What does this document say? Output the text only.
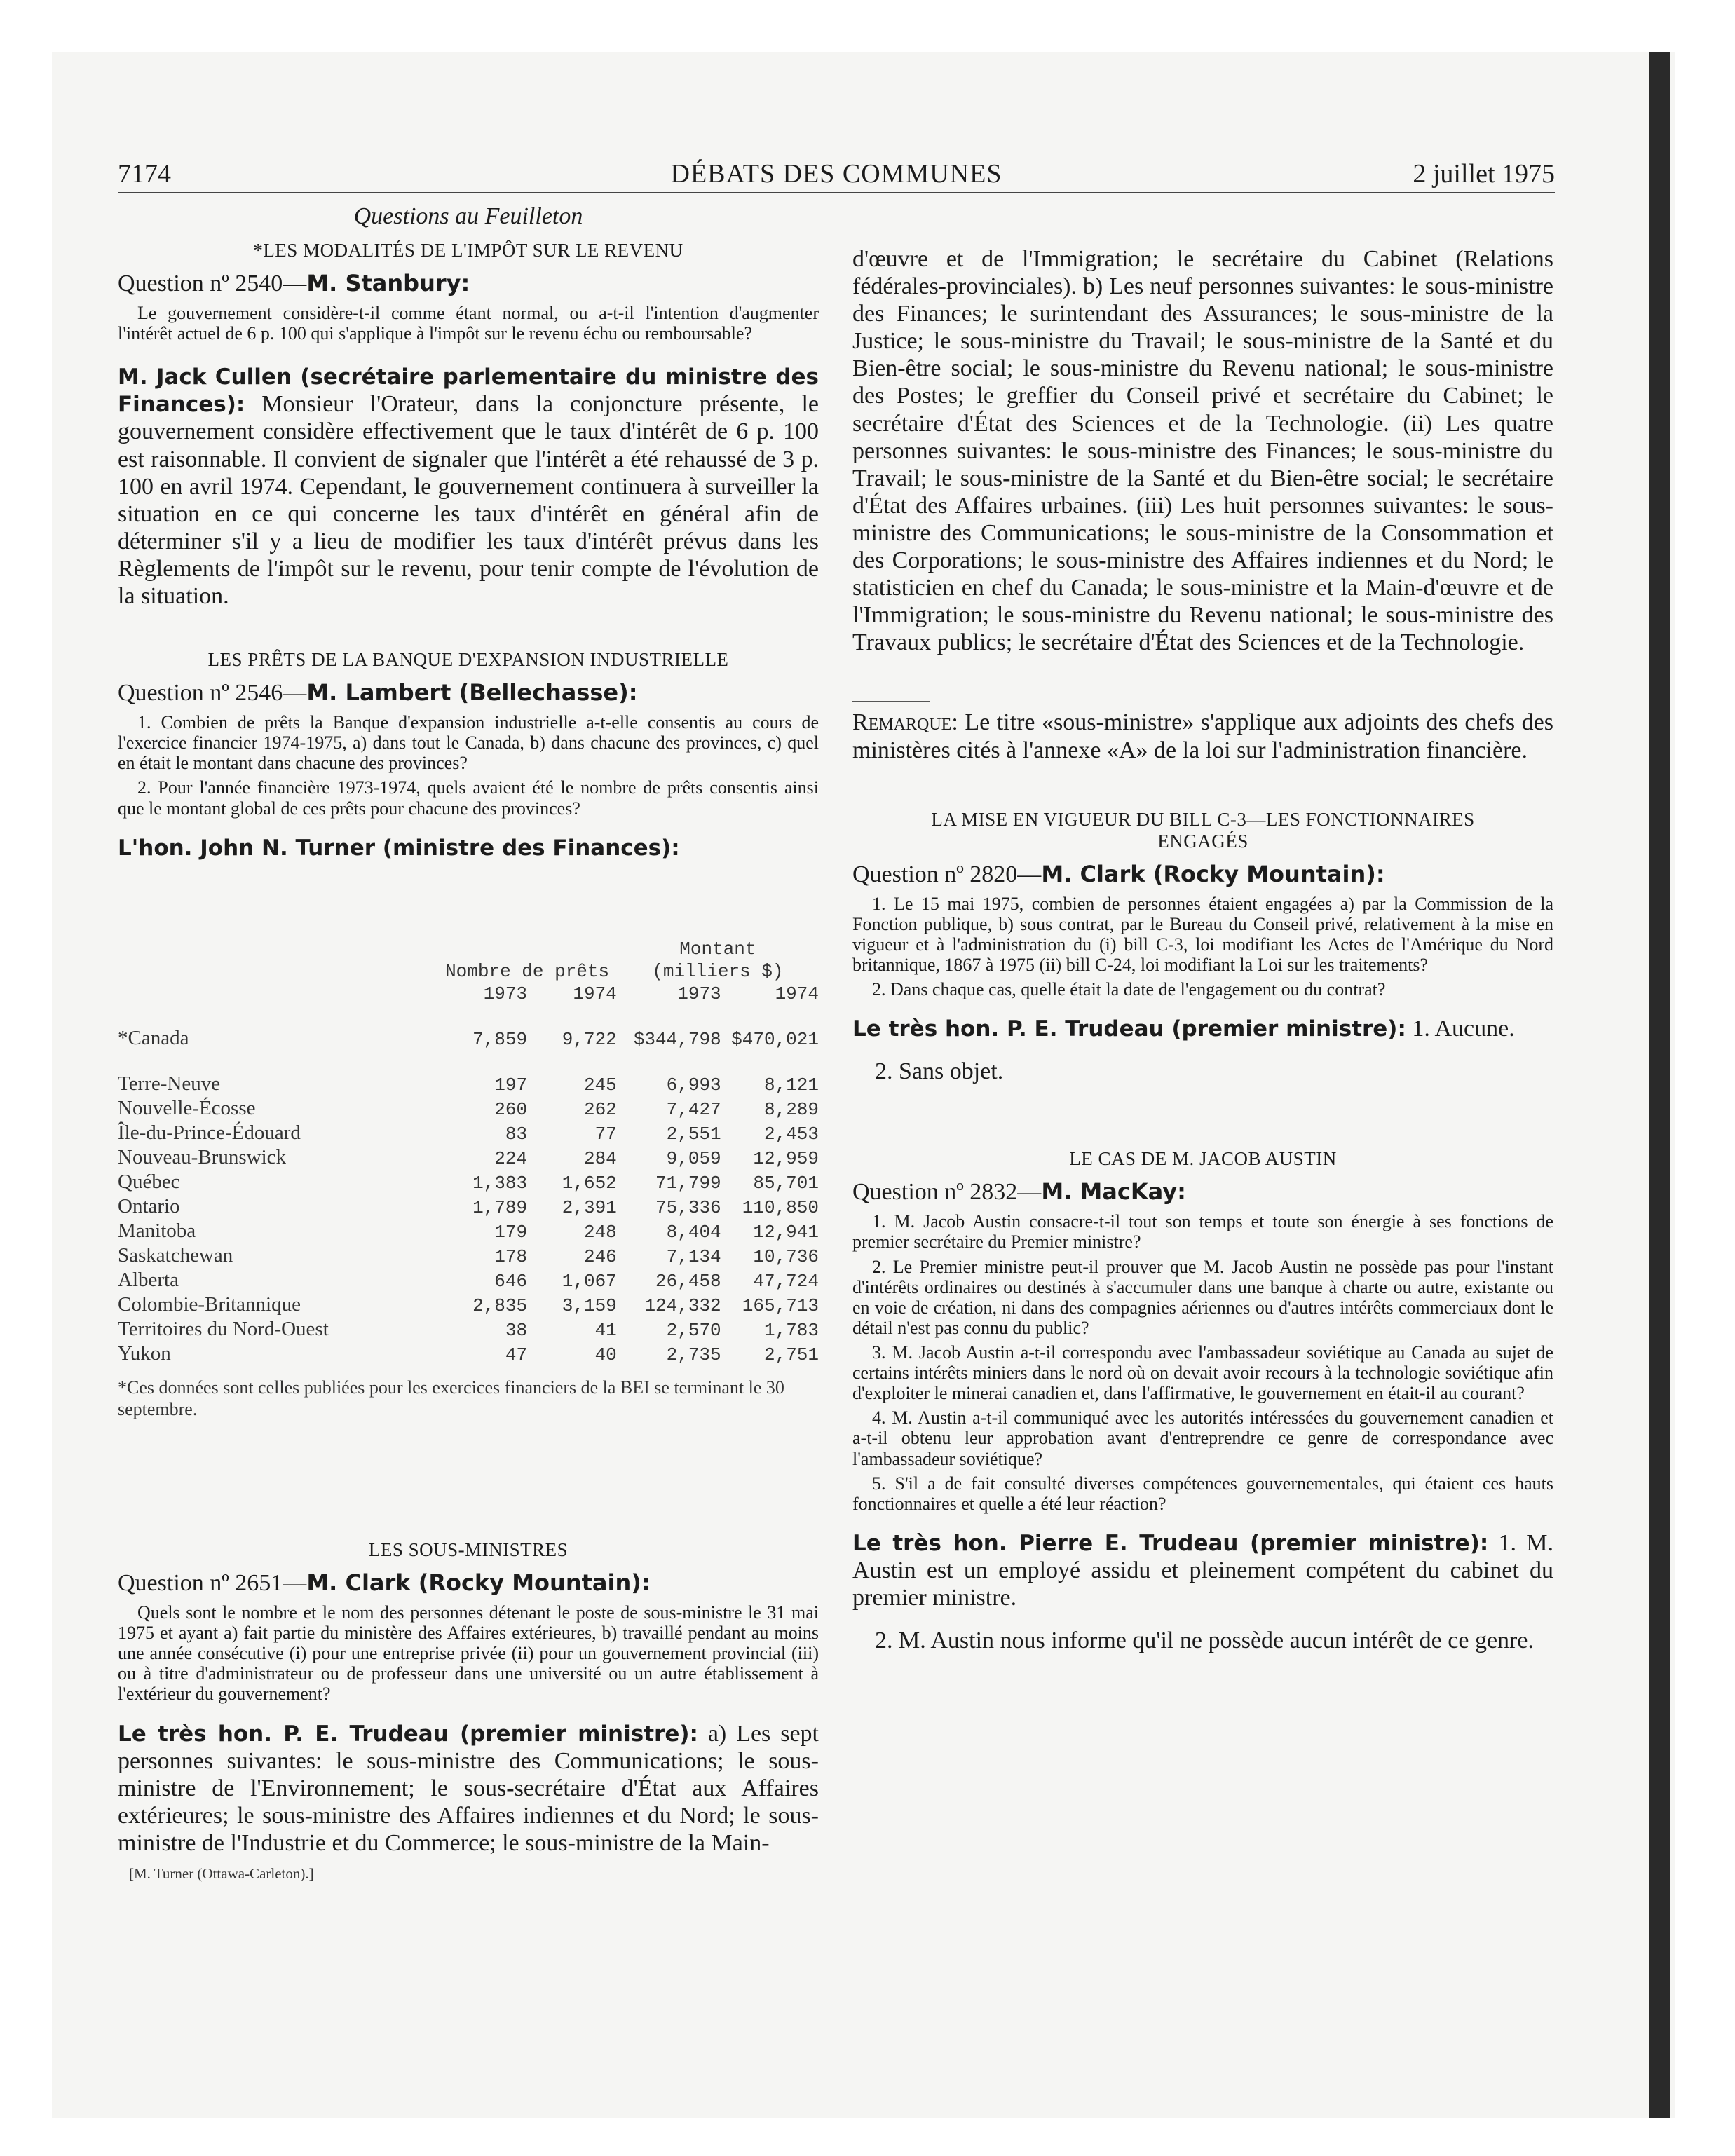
7174	DÉBATS DES COMMUNES	2 juillet 1975

Questions au Feuilleton

*LES MODALITÉS DE L'IMPÔT SUR LE REVENU

Question nº 2540—M. Stanbury:

Le gouvernement considère-t-il comme étant normal, ou a-t-il l'intention d'augmenter l'intérêt actuel de 6 p. 100 qui s'applique à l'impôt sur le revenu échu ou remboursable?

M. Jack Cullen (secrétaire parlementaire du ministre des Finances): Monsieur l'Orateur, dans la conjoncture présente, le gouvernement considère effectivement que le taux d'intérêt de 6 p. 100 est raisonnable. Il convient de signaler que l'intérêt a été rehaussé de 3 p. 100 en avril 1974. Cependant, le gouvernement continuera à surveiller la situation en ce qui concerne les taux d'intérêt en général afin de déterminer s'il y a lieu de modifier les taux d'intérêt prévus dans les Règlements de l'impôt sur le revenu, pour tenir compte de l'évolution de la situation.

LES PRÊTS DE LA BANQUE D'EXPANSION INDUSTRIELLE

Question nº 2546—M. Lambert (Bellechasse):

1. Combien de prêts la Banque d'expansion industrielle a-t-elle consentis au cours de l'exercice financier 1974-1975, a) dans tout le Canada, b) dans chacune des provinces, c) quel en était le montant dans chacune des provinces?

2. Pour l'année financière 1973-1974, quels avaient été le nombre de prêts consentis ainsi que le montant global de ces prêts pour chacune des provinces?

L'hon. John N. Turner (ministre des Finances):

			Montant	
	Nombre de prêts		(milliers $)	
	1973	1974	1973	1974

*Canada	7,859	9,722	$344,798	$470,021

Terre-Neuve	197	245	6,993	8,121
Nouvelle-Écosse	260	262	7,427	8,289
Île-du-Prince-Édouard	83	77	2,551	2,453
Nouveau-Brunswick	224	284	9,059	12,959
Québec	1,383	1,652	71,799	85,701
Ontario	1,789	2,391	75,336	110,850
Manitoba	179	248	8,404	12,941
Saskatchewan	178	246	7,134	10,736
Alberta	646	1,067	26,458	47,724
Colombie-Britannique	2,835	3,159	124,332	165,713
Territoires du Nord-Ouest	38	41	2,570	1,783
Yukon	47	40	2,735	2,751

*Ces données sont celles publiées pour les exercices financiers de la BEI se terminant le 30 septembre.

LES SOUS-MINISTRES

Question nº 2651—M. Clark (Rocky Mountain):

Quels sont le nombre et le nom des personnes détenant le poste de sous-ministre le 31 mai 1975 et ayant a) fait partie du ministère des Affaires extérieures, b) travaillé pendant au moins une année consécutive (i) pour une entreprise privée (ii) pour un gouvernement provincial (iii) ou à titre d'administrateur ou de professeur dans une université ou un autre établissement à l'extérieur du gouvernement?

Le très hon. P. E. Trudeau (premier ministre): a) Les sept personnes suivantes: le sous-ministre des Communications; le sous-ministre de l'Environnement; le sous-secrétaire d'État aux Affaires extérieures; le sous-ministre des Affaires indiennes et du Nord; le sous-ministre de l'Industrie et du Commerce; le sous-ministre de la Main-

[M. Turner (Ottawa-Carleton).]

d'œuvre et de l'Immigration; le secrétaire du Cabinet (Relations fédérales-provinciales). b) Les neuf personnes suivantes: le sous-ministre des Finances; le surintendant des Assurances; le sous-ministre de la Justice; le sous-ministre du Travail; le sous-ministre de la Santé et du Bien-être social; le sous-ministre du Revenu national; le sous-ministre des Postes; le greffier du Conseil privé et secrétaire du Cabinet; le secrétaire d'État des Sciences et de la Technologie. (ii) Les quatre personnes suivantes: le sous-ministre des Finances; le sous-ministre du Travail; le sous-ministre de la Santé et du Bien-être social; le secrétaire d'État des Affaires urbaines. (iii) Les huit personnes suivantes: le sous-ministre des Communications; le sous-ministre de la Consommation et des Corporations; le sous-ministre des Affaires indiennes et du Nord; le statisticien en chef du Canada; le sous-ministre et la Main-d'œuvre et de l'Immigration; le sous-ministre du Revenu national; le sous-ministre des Travaux publics; le secrétaire d'État des Sciences et de la Technologie.

Remarque: Le titre «sous-ministre» s'applique aux adjoints des chefs des ministères cités à l'annexe «A» de la loi sur l'administration financière.

LA MISE EN VIGUEUR DU BILL C-3—LES FONCTIONNAIRES
ENGAGÉS

Question nº 2820—M. Clark (Rocky Mountain):

1. Le 15 mai 1975, combien de personnes étaient engagées a) par la Commission de la Fonction publique, b) sous contrat, par le Bureau du Conseil privé, relativement à la mise en vigueur et à l'administration du (i) bill C-3, loi modifiant les Actes de l'Amérique du Nord britannique, 1867 à 1975 (ii) bill C-24, loi modifiant la Loi sur les traitements?

2. Dans chaque cas, quelle était la date de l'engagement ou du contrat?

Le très hon. P. E. Trudeau (premier ministre): 1. Aucune.

2. Sans objet.

LE CAS DE M. JACOB AUSTIN

Question nº 2832—M. MacKay:

1. M. Jacob Austin consacre-t-il tout son temps et toute son énergie à ses fonctions de premier secrétaire du Premier ministre?

2. Le Premier ministre peut-il prouver que M. Jacob Austin ne possède pas pour l'instant d'intérêts ordinaires ou destinés à s'accumuler dans une banque à charte ou autre, existante ou en voie de création, ni dans des compagnies aériennes ou d'autres intérêts commerciaux dont le détail n'est pas connu du public?

3. M. Jacob Austin a-t-il correspondu avec l'ambassadeur soviétique au Canada au sujet de certains intérêts miniers dans le nord où on devait avoir recours à la technologie soviétique afin d'exploiter le minerai canadien et, dans l'affirmative, le gouvernement en était-il au courant?

4. M. Austin a-t-il communiqué avec les autorités intéressées du gouvernement canadien et a-t-il obtenu leur approbation avant d'entreprendre ce genre de correspondance avec l'ambassadeur soviétique?

5. S'il a de fait consulté diverses compétences gouvernementales, qui étaient ces hauts fonctionnaires et quelle a été leur réaction?

Le très hon. Pierre E. Trudeau (premier ministre): 1. M. Austin est un employé assidu et pleinement compétent du cabinet du premier ministre.

2. M. Austin nous informe qu'il ne possède aucun intérêt de ce genre.
